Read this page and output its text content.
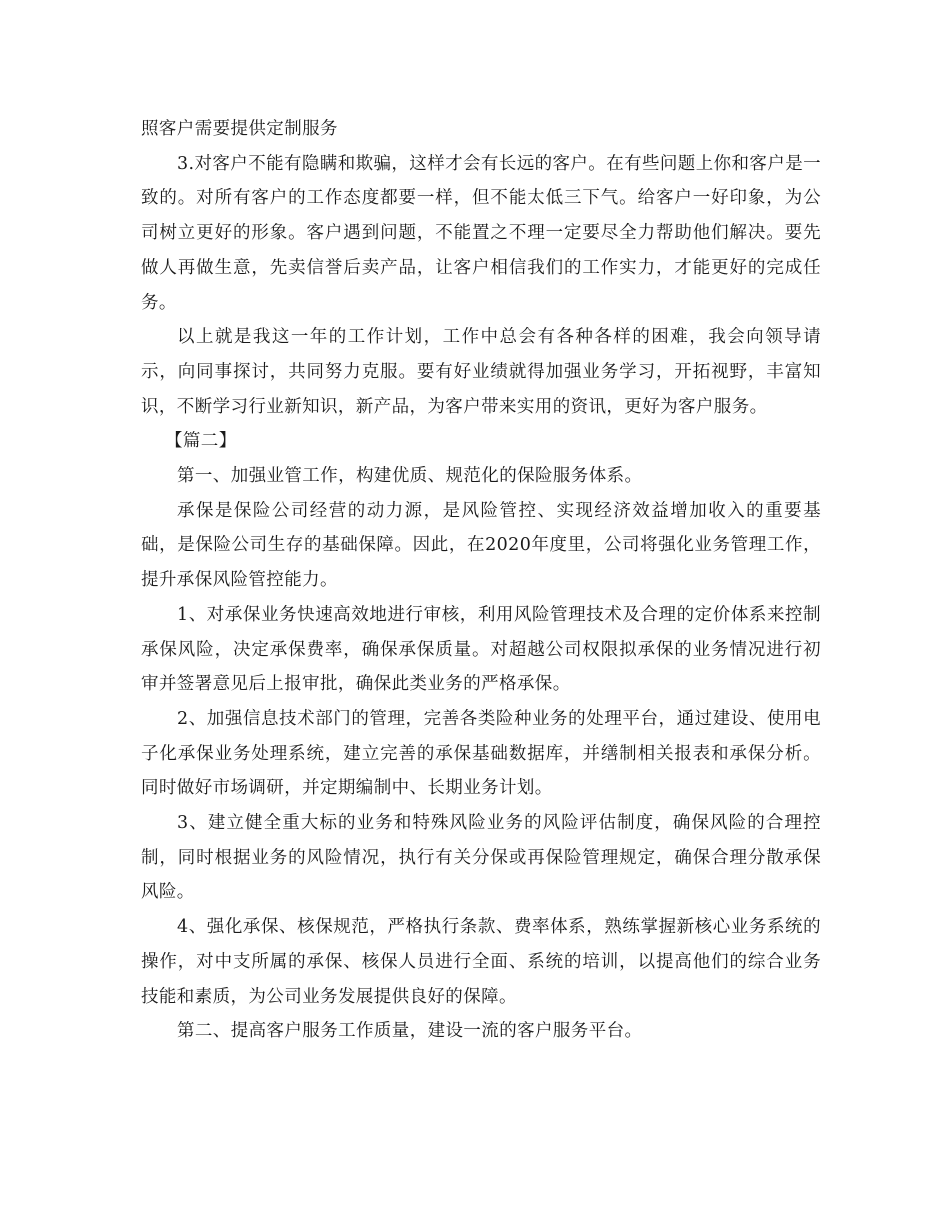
照客户需要提供定制服务

3.对客户不能有隐瞒和欺骗，这样才会有长远的客户。在有些问题上你和客户是一致的。对所有客户的工作态度都要一样，但不能太低三下气。给客户一好印象，为公司树立更好的形象。客户遇到问题，不能置之不理一定要尽全力帮助他们解决。要先做人再做生意，先卖信誉后卖产品，让客户相信我们的工作实力，才能更好的完成任务。

以上就是我这一年的工作计划，工作中总会有各种各样的困难，我会向领导请示，向同事探讨，共同努力克服。要有好业绩就得加强业务学习，开拓视野，丰富知识，不断学习行业新知识，新产品，为客户带来实用的资讯，更好为客户服务。

【篇二】

第一、加强业管工作，构建优质、规范化的保险服务体系。

承保是保险公司经营的动力源，是风险管控、实现经济效益增加收入的重要基础，是保险公司生存的基础保障。因此，在2020年度里，公司将强化业务管理工作，提升承保风险管控能力。

1、对承保业务快速高效地进行审核，利用风险管理技术及合理的定价体系来控制承保风险，决定承保费率，确保承保质量。对超越公司权限拟承保的业务情况进行初审并签署意见后上报审批，确保此类业务的严格承保。

2、加强信息技术部门的管理，完善各类险种业务的处理平台，通过建设、使用电子化承保业务处理系统，建立完善的承保基础数据库，并缮制相关报表和承保分析。同时做好市场调研，并定期编制中、长期业务计划。

3、建立健全重大标的业务和特殊风险业务的风险评估制度，确保风险的合理控制，同时根据业务的风险情况，执行有关分保或再保险管理规定，确保合理分散承保风险。

4、强化承保、核保规范，严格执行条款、费率体系，熟练掌握新核心业务系统的操作，对中支所属的承保、核保人员进行全面、系统的培训，以提高他们的综合业务技能和素质，为公司业务发展提供良好的保障。

第二、提高客户服务工作质量，建设一流的客户服务平台。
